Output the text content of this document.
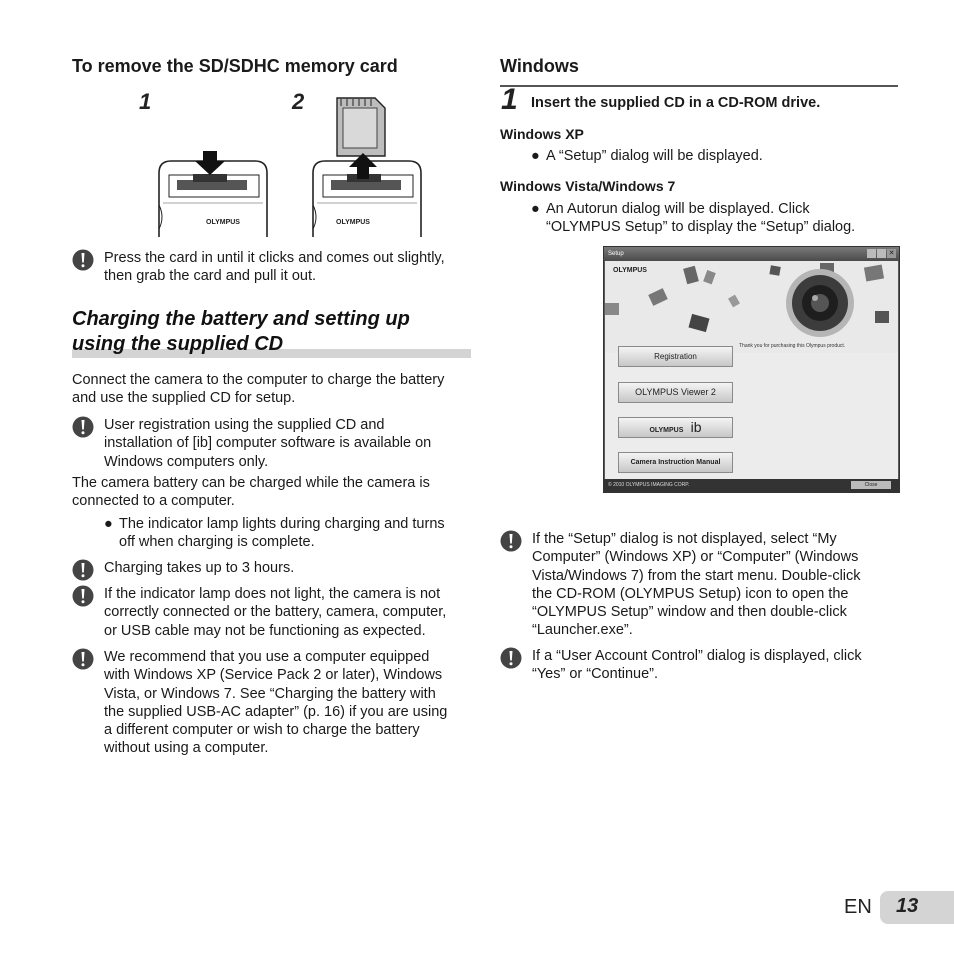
To remove the SD/SDHC memory card
1	2
OLYMPUS	OLYMPUS
Press the card in until it clicks and comes out slightly,
then grab the card and pull it out.
Charging the battery and setting up
using the supplied CD
Connect the camera to the computer to charge the battery
and use the supplied CD for setup.
User registration using the supplied CD and
installation of [ib] computer software is available on
Windows computers only.
The camera battery can be charged while the camera is
connected to a computer.
● The indicator lamp lights during charging and turns
off when charging is complete.
Charging takes up to 3 hours.
If the indicator lamp does not light, the camera is not
correctly connected or the battery, camera, computer,
or USB cable may not be functioning as expected.
We recommend that you use a computer equipped
with Windows XP (Service Pack 2 or later), Windows
Vista, or Windows 7. See “Charging the battery with
the supplied USB-AC adapter” (p. 16) if you are using
a different computer or wish to charge the battery
without using a computer.
Windows
1 Insert the supplied CD in a CD-ROM drive.
Windows XP
● A “Setup” dialog will be displayed.
Windows Vista/Windows 7
● An Autorun dialog will be displayed. Click
“OLYMPUS Setup” to display the “Setup” dialog.
Setup	✕
OLYMPUS
Thank you for purchasing this Olympus product.
Registration
OLYMPUS Viewer 2
OLYMPUS ib
Camera Instruction Manual
© 2010 OLYMPUS IMAGING CORP.	Close
If the “Setup” dialog is not displayed, select “My
Computer” (Windows XP) or “Computer” (Windows
Vista/Windows 7) from the start menu. Double-click
the CD-ROM (OLYMPUS Setup) icon to open the
“OLYMPUS Setup” window and then double-click
“Launcher.exe”.
If a “User Account Control” dialog is displayed, click
“Yes” or “Continue”.
EN 13
